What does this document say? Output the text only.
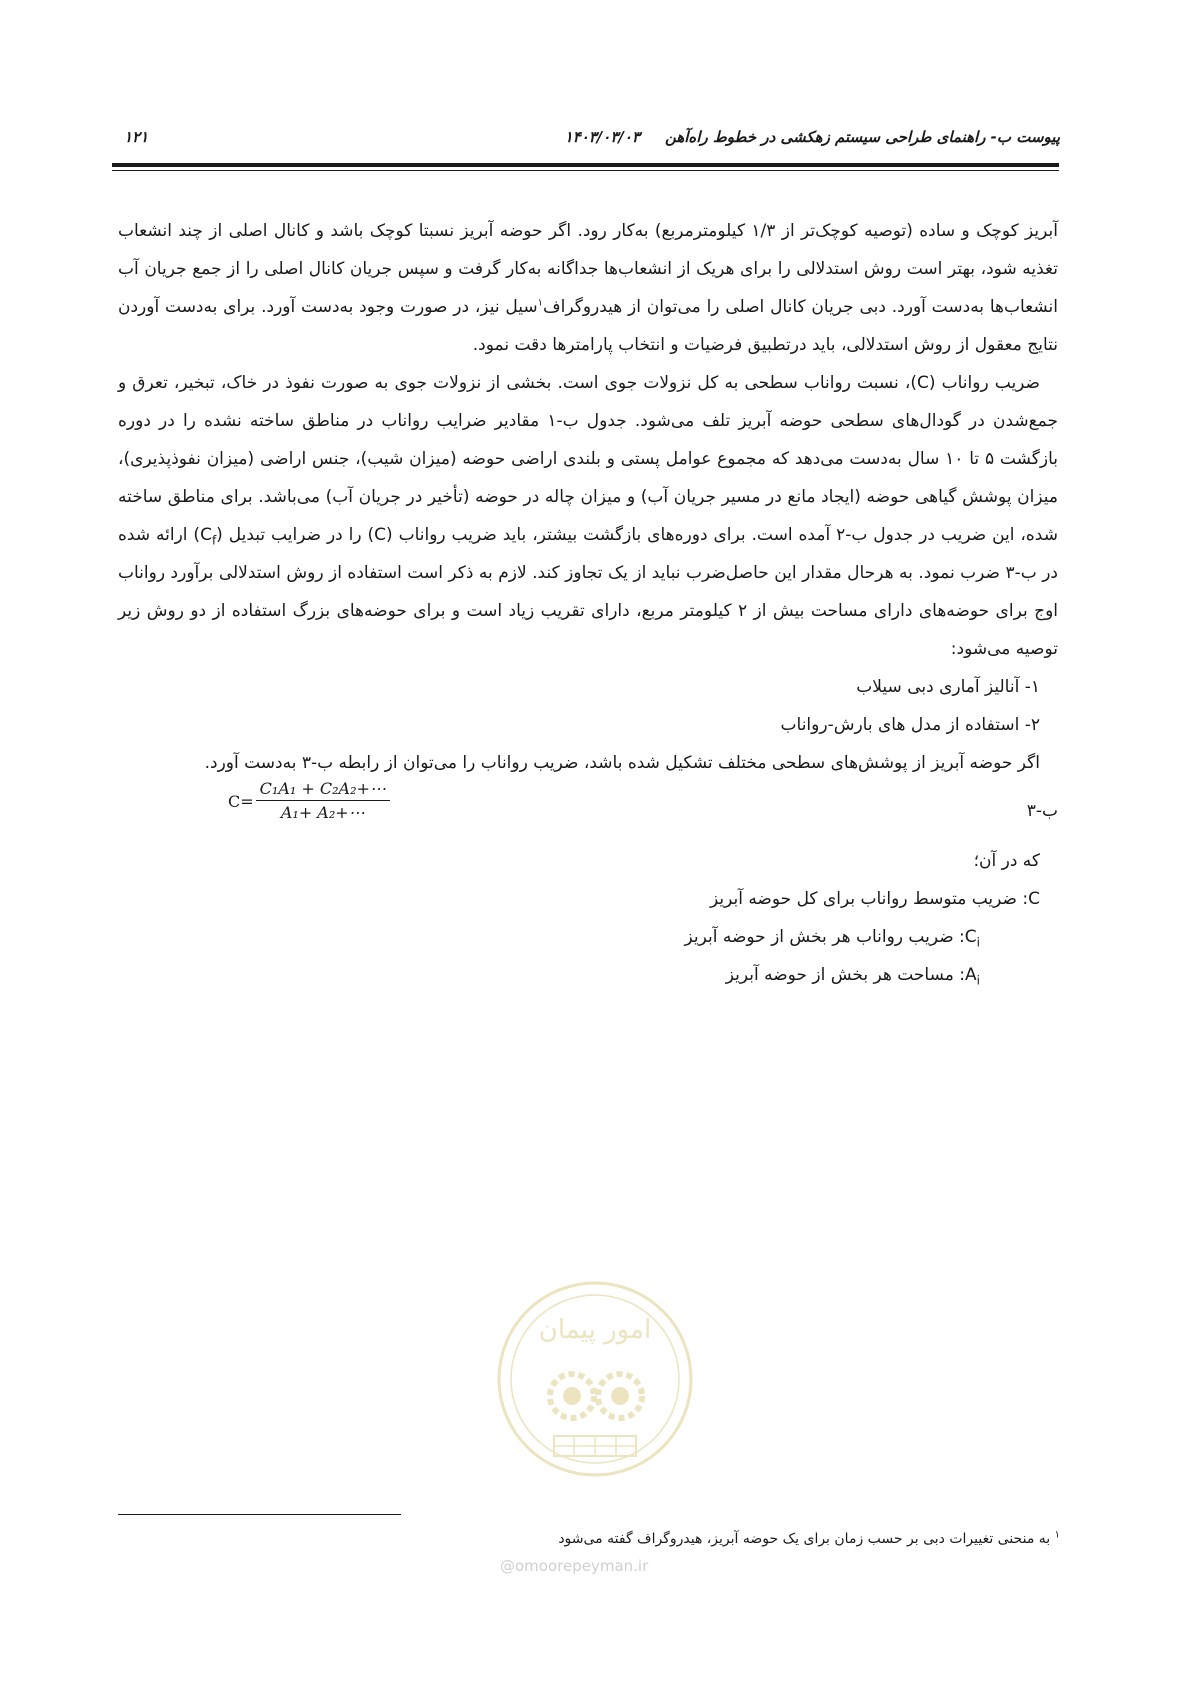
پیوست ب- راهنمای طراحی سیستم زهکشی در خطوط راه‌آهن
۱۴۰۳/۰۳/۰۳
۱۲۱

آبریز کوچک و ساده (توصیه کوچک‌تر از ۱/۳ کیلومترمربع) به‌کار رود. اگر حوضه آبریز نسبتا کوچک باشد و کانال اصلی از چند انشعاب تغذیه شود، بهتر است روش استدلالی را برای هریک از انشعاب‌ها جداگانه به‌کار گرفت و سپس جریان کانال اصلی را از جمع جریان آب انشعاب‌ها به‌دست آورد. دبی جریان کانال اصلی را می‌توان از هیدروگراف$^۱$سیل نیز، در صورت وجود به‌دست آورد. برای به‌دست آوردن نتایج معقول از روش استدلالی، باید درتطبیق فرضیات و انتخاب پارامترها دقت نمود.

ضریب رواناب (C)، نسبت رواناب سطحی به کل نزولات جوی است. بخشی از نزولات جوی به صورت نفوذ در خاک، تبخیر، تعرق و جمع‌شدن در گودال‌های سطحی حوضه آبریز تلف می‌شود. جدول ب-۱ مقادیر ضرایب رواناب در مناطق ساخته نشده را در دوره بازگشت ۵ تا ۱۰ سال به‌دست می‌دهد که مجموع عوامل پستی و بلندی اراضی حوضه (میزان شیب)، جنس اراضی (میزان نفوذپذیری)، میزان پوشش گیاهی حوضه (ایجاد مانع در مسیر جریان آب) و میزان چاله در حوضه (تأخیر در جریان آب) می‌باشد. برای مناطق ساخته شده، این ضریب در جدول ب-۲ آمده است. برای دوره‌های بازگشت بیشتر، باید ضریب رواناب (C) را در ضرایب تبدیل $(C_f)$ ارائه شده در ب-۳ ضرب نمود. به هرحال مقدار این حاصل‌ضرب نباید از یک تجاوز کند. لازم به ذکر است استفاده از روش استدلالی برآورد رواناب اوج برای حوضه‌های دارای مساحت بیش از ۲ کیلومتر مربع، دارای تقریب زیاد است و برای حوضه‌های بزرگ استفاده از دو روش زیر توصیه می‌شود:

۱- آنالیز آماری دبی سیلاب

۲- استفاده از مدل های بارش-رواناب

اگر حوضه آبریز از پوشش‌های سطحی مختلف تشکیل شده باشد، ضریب رواناب را می‌توان از رابطه ب-۳ به‌دست آورد.

ب-۳
$C= \frac{\text{C₁A₁ + C₂A₂+⋯}}{\text{A₁+ A₂+⋯}}$

که در آن؛

C: ضریب متوسط رواناب برای کل حوضه آبریز

$C_i$: ضریب رواناب هر بخش از حوضه آبریز

$A_i$: مساحت هر بخش از حوضه آبریز

امور پیمان
@omoorepeyman.ir
$^۱$ به منحنی تغییرات دبی بر حسب زمان برای یک حوضه آبریز، هیدروگراف گفته می‌شود
